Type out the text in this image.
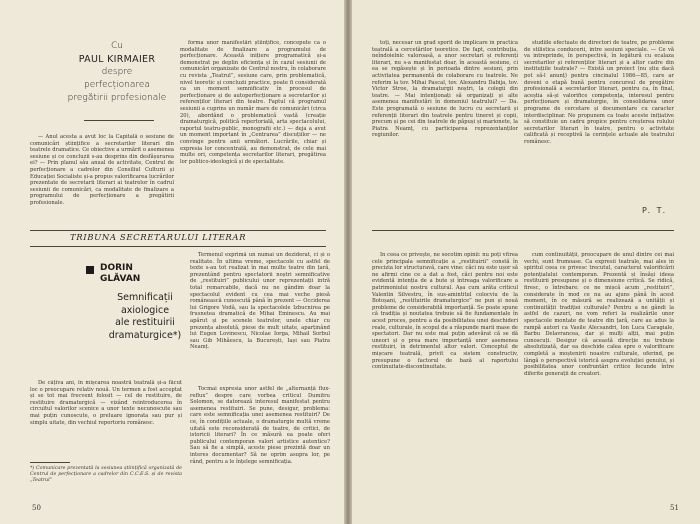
Cu
PAUL KIRMAIER
despre
perfecționarea
pregătirii profesionale

— Anul acesta a avut loc la Capitală o sesiune de comunicări științifice a secretarilor literari din teatrele dramatice. Ce obiective a urmărit o asemenea sesiune și ce concluzii s-au desprins din desfășurarea ei? — Prin planul său anual de activitate, Centrul de perfecționare a cadrelor din Consiliul Culturii și Educației Socialiste și-a propus valorificarea lucrărilor prezentate de secretarii literari ai teatrelor în cadrul sesiunii de comunicări, ca modalitate de finalizare a programului de perfecționare a pregătirii profesionale.

forma unor manifestări științifice, concepute ca o modalitate de finalizare a programului de perfecționare. Această inițiere programatică și-a demonstrat pe deplin eficiența și în cazul sesiunii de comunicări organizate de Centrul nostru, în colaborare cu revista „Teatrul”, sesiune care, prin problematică, nivel teoretic și concluzii practice, poate fi considerată ca un moment semnificativ în procesul de perfecționare și de autoperfecționare a secretarilor și referenților literari din teatre. Faptul că programul sesiunii a cuprins un număr mare de comunicări (circa 20), abordând o problematică vastă (creație dramaturgică, politică repertorială, arta spectacolului, raportul teatru-public, monografii etc.) — deja a avut un moment important în „Centrarea” discuțiilor — ne convinge pentru anii următori. Lucrările, chiar și expresia lor concentrată, au demonstrat, de cele mai multe ori, competența secretarilor literari, pregătirea lor politico-ideologică și de specialitate.

TRIBUNA SECRETARULUI LITERAR
DORIN
GLĂVAN
Semnificații
axiologice
ale restituirii
dramaturgice*)

De câțiva ani, în mișcarea noastră teatrală și-a făcut loc o preocupare relativ nouă. Un termen a fost acceptat și se tot mai frecvent folosit — cel de restituire, de restituire dramaturgică — vizând reintroducerea în circuitul valorilor scenice a unor texte necunoscute sau mai puțin cunoscute, o preluare ignorata sau pur și simplu uitate, din vechiul repertoriu românesc.

*) Comunicare prezentată la sesiunea științifică organizată de Centrul de perfecționare a cadrelor din C.C.E.S. și de revista „Teatrul”

Termenul exprimă un numai un deziderat, ci și o realitate. În ultima vreme, spectacole cu astfel de texte s-au tot realizat în mai multe teatre din țară, prezentând pentru spectatorii noștri semnificative de „restituiri” publicului unor reprezentații intră total remarcabile, dacă nu ne gândim doar la spectacolul evident cu cea mai veche piesă românească cunoscută până în prezent — Occiderea lui Grigore Vodă, sau la spectacolele Izbucnirea pe frusnetea dramatică de Mihai Eminescu. Au mai apărut și pe scenele teatrelor, unele chiar cu prezența absolută, piese de mult uitate, aparținând lui Eugen Lovinescu, Nicolae Iorga, Mihail Sorbul sau Gib Mihăescu, la București, Iași sau Piatra Neamț.

Tocmai expresia unor astfel de „alternanță flux-reflux” despre care vorbea criticul Dumitru Solomon, se datorează interesul manifestat pentru asemenea restituiri. Se pune, desigur, problema: care este semnificația unei asemenea restituiri? De ce, în condițiile actuale, o dramaturgie multă vreme uitată este reconsiderată de teatre, de critici, de istoricii literari? În ce măsură ea poate oferi publicului contemporan valori artistice autentice? Sau să fie a simplă, aceste piese prezintă doar un interes documentar? Să ne oprim asupra lor, pe rând, pentru a le înțelege semnificația.

50

toți, necesar un grad sporit de implicare în practica teatrală a cercetărilor teoretice. De fapt, contribuția, neîndoielnic valoroasă, a unor secretari și referenți literari, nu s-a manifestat doar, în această sesiune, ci ea se regăsește și în perioada dintre sesiuni, prin activitatea permanentă de colaborare cu teatrele. Ne referim la tov. Mihai Pascal, tov. Alexandru Dabija, tov. Victor Stroe, la dramaturgii noștri, la colegii din teatre. — Mai intenționați să organizați și alte asemenea manifestări în domeniul teatrului? — Da. Este programată o sesiune de lucru cu secretarii și referenții literari din teatrele pentru tineret și copii, precum și pe cei din teatrele de păpuși și marionete, la Piatra Neamț, cu participarea reprezentanților regiunilor.

studiile efectuate de directori de teatre, pe probleme de stilistica conducerii, intre sesiuni speciale. — Ce vă va intreprinde, în perspectivă, în legătură cu ecalaza secretarilor și referenților literari și a altor cadre din instituțiile teatrale? — Există un proiect (nu știu dacă pot să-l anunț) pentru cincinalul 1986—85, care ar deveni o etapă bună pentru concursul de pregătire profesională a secretarilor literari, pentru ca, în final, aceștia să-și valorifice competența, interesul pentru perfecționare și dramaturgie, în consolidarea unor programe de cercetare și documentare cu caracter interdisciplinar. Ne propunem ca toate aceste inițiative să constituie un cadru propice pentru creșterea rolului secretarilor literari în teatre, pentru o activitate calificată și receptivă la cerințele actuale ale teatrului românesc.

P. T.

În ceea ce privește, ne socotim opinii: nu poți vitrea cele principala semnificație a „restituirii” constă în precizia lor structuravă, care vine: căci nu este ușor să ne afirmi cine ce a dat a fost, căci pentru noi este evidentă intenția de a bute și întreaga valorificare a patrimoniului nostru cultural. Așa cum arăta criticul Valentin Silvestru, în sus-amintitul colocviu de la Botoșani, „restituirile dramaturgice” ne pun și nouă probleme de considerabilă importanță. Se poate spune că tradiția și noutatea trebuie să fie fundamentale în acest proces, pentru a da posibilitatea unei deschideri reale, culturale, în scopul de a răspunde marii mase de spectatori. Dar nu este mai puțin adevărat că se dă uneori și o prea mare importanță unor asemenea restituiri, în detrimentul altor valori. Conceptul de mișcare teatrală, privit ca sistem constructiv, presupune o factorul de bază al raportului continuitate-discontinuitate.

cum continuității, preocupare de unul dintre cei mai vechi, sunt frumoase. Ca expresii teatrale, mai ales in spiritul ceea ce privesc trecutul, caracterul valorificării potențialului contemporan. Prezentă și însăși ideea restituirii presupune și o dimensiune critică. Se ridică, firesc, o întrebare: ce ne mișcă acum „restituiri”, considerate în mod ce nu au ajuns până în acest moment, în ce măsură se realizează a unității și continuității tradiției culturale? Pentru a ne gândi la astfel de cazuri, ne vom referi la realizările unor spectacole montate de teatre din țară, care au adus la rampă autori ca Vasile Alecsandri, Ion Luca Caragiale, Barbu Delavrancea, dar și mulți alții, mai puțin cunoscuți. Desigur că această direcție nu trebuie absolutizată, dar ea deschide calea spre o valorificare completă a moștenirii noastre culturale, oferind, pe lângă o perspectivă istorică asupra evoluției genului, și posibilitatea unor confruntări critice fecunde între diferite generații de creatori.

51
